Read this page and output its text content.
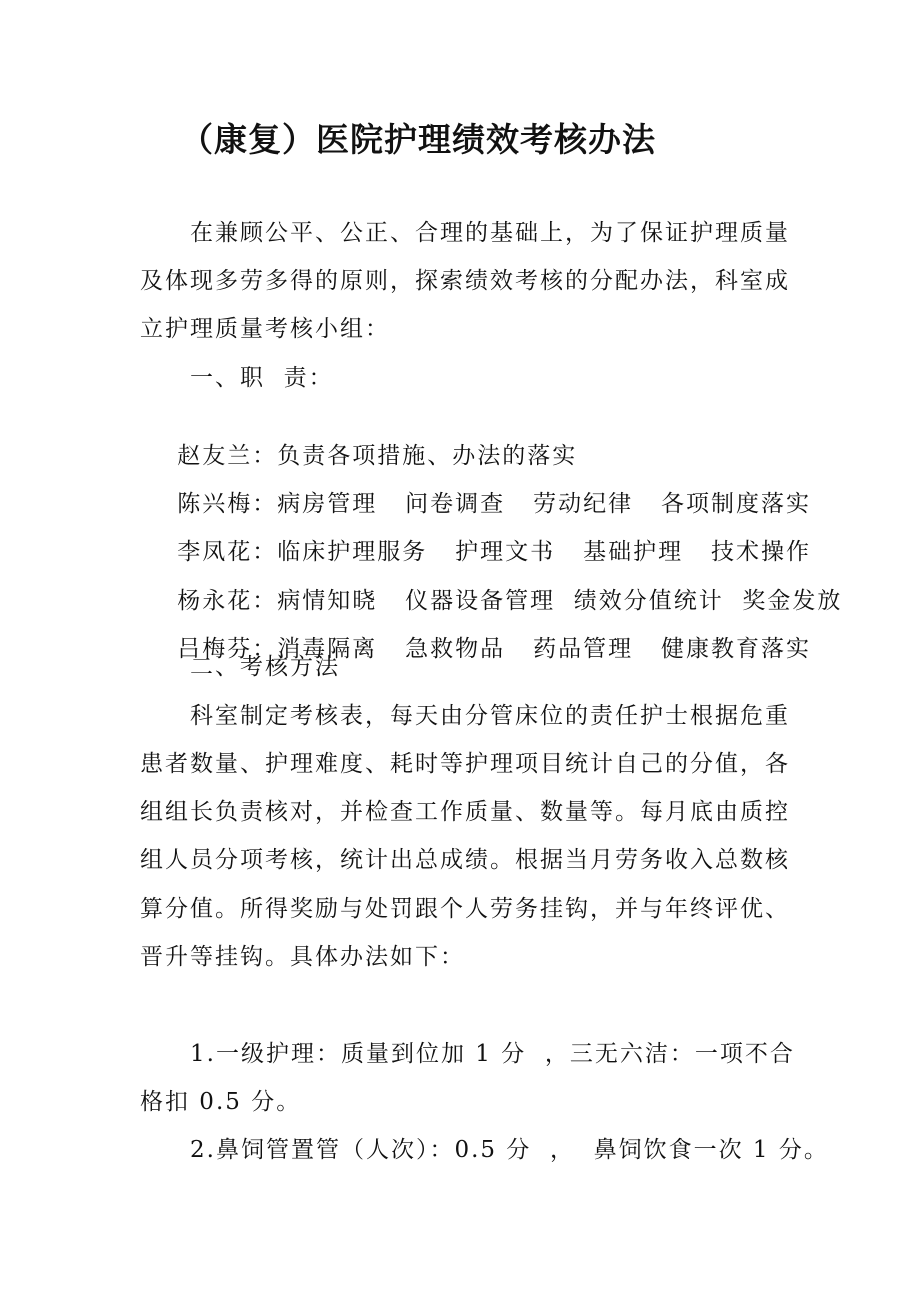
（康复）医院护理绩效考核办法
在兼顾公平、公正、合理的基础上，为了保证护理质量
及体现多劳多得的原则，探索绩效考核的分配办法，科室成
立护理质量考核小组：
一、职  责：

赵友兰：负责各项措施、办法的落实

陈兴梅：病房管理   问卷调查   劳动纪律   各项制度落实

李凤花：临床护理服务   护理文书   基础护理   技术操作

杨永花：病情知晓   仪器设备管理  绩效分值统计  奖金发放

吕梅芬：消毒隔离   急救物品   药品管理   健康教育落实

二、考核方法
科室制定考核表，每天由分管床位的责任护士根据危重
患者数量、护理难度、耗时等护理项目统计自己的分值，各
组组长负责核对，并检查工作质量、数量等。每月底由质控
组人员分项考核，统计出总成绩。根据当月劳务收入总数核
算分值。所得奖励与处罚跟个人劳务挂钩，并与年终评优、
晋升等挂钩。具体办法如下：
1.一级护理：质量到位加 1 分  ，三无六洁：一项不合
格扣 0.5 分。
2.鼻饲管置管（人次）：0.5 分  ，  鼻饲饮食一次 1 分。
